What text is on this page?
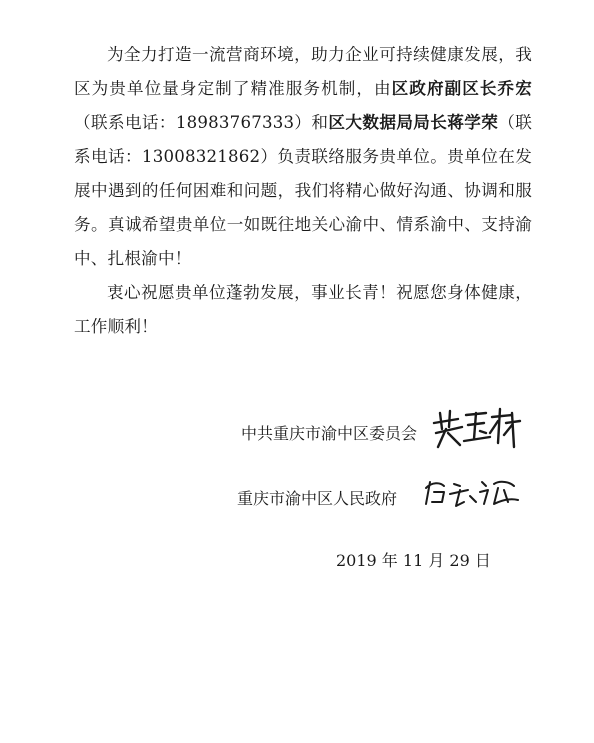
为全力打造一流营商环境，助力企业可持续健康发展，我区为贵单位量身定制了精准服务机制，由区政府副区长乔宏（联系电话：18983767333）和区大数据局局长蒋学荣（联系电话：13008321862）负责联络服务贵单位。贵单位在发展中遇到的任何困难和问题，我们将精心做好沟通、协调和服务。真诚希望贵单位一如既往地关心渝中、情系渝中、支持渝中、扎根渝中！

衷心祝愿贵单位蓬勃发展，事业长青！祝愿您身体健康，工作顺利！

中共重庆市渝中区委员会
重庆市渝中区人民政府
2019 年 11 月 29 日
